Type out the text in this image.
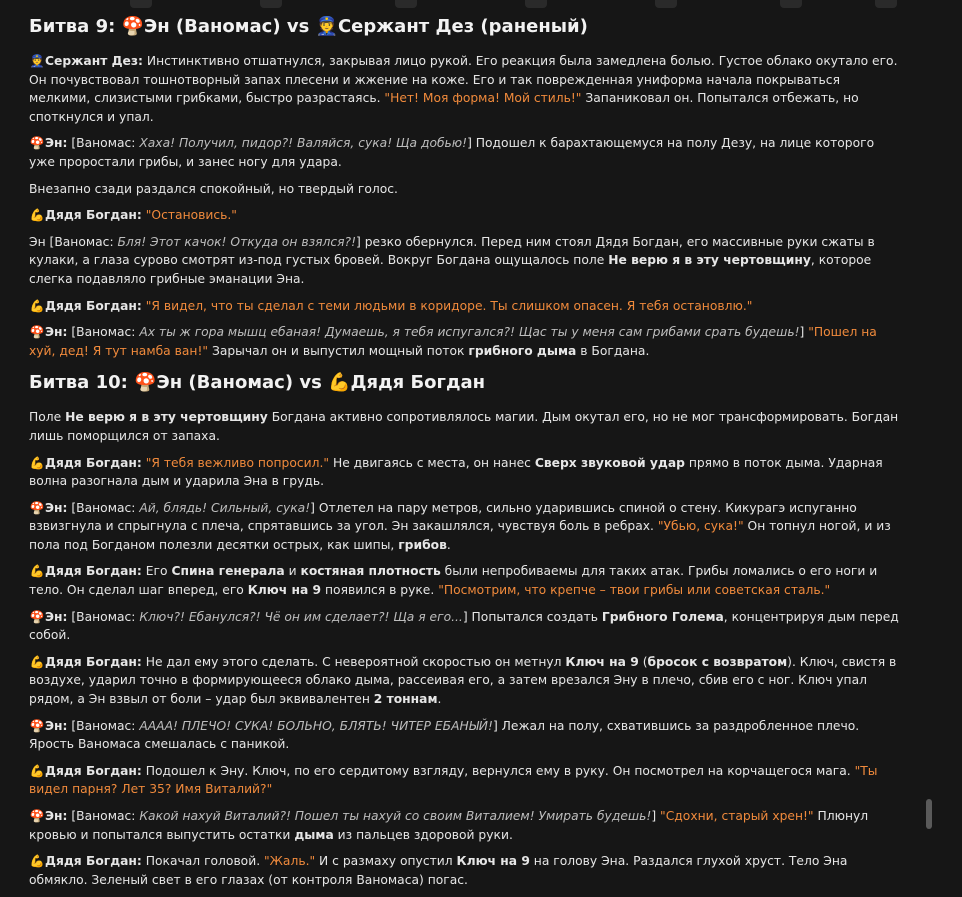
Битва 9: 🍄Эн (Ваномас) vs 👮Сержант Дез (раненый)

👮Сержант Дез: Инстинктивно отшатнулся, закрывая лицо рукой. Его реакция была замедлена болью. Густое облако окутало его. Он почувствовал тошнотворный запах плесени и жжение на коже. Его и так поврежденная униформа начала покрываться мелкими, слизистыми грибками, быстро разрастаясь. "Нет! Моя форма! Мой стиль!" Запаниковал он. Попытался отбежать, но споткнулся и упал.

🍄Эн: [Ваномас: Хаха! Получил, пидор?! Валяйся, сука! Ща добью!] Подошел к барахтающемуся на полу Дезу, на лице которого уже проростали грибы, и занес ногу для удара.

Внезапно сзади раздался спокойный, но твердый голос.

💪Дядя Богдан: "Остановись."

Эн [Ваномас: Бля! Этот качок! Откуда он взялся?!] резко обернулся. Перед ним стоял Дядя Богдан, его массивные руки сжаты в кулаки, а глаза сурово смотрят из-под густых бровей. Вокруг Богдана ощущалось поле Не верю я в эту чертовщину, которое слегка подавляло грибные эманации Эна.

💪Дядя Богдан: "Я видел, что ты сделал с теми людьми в коридоре. Ты слишком опасен. Я тебя остановлю."

🍄Эн: [Ваномас: Ах ты ж гора мышц ебаная! Думаешь, я тебя испугался?! Щас ты у меня сам грибами срать будешь!] "Пошел на хуй, дед! Я тут намба ван!" Зарычал он и выпустил мощный поток грибного дыма в Богдана.

Битва 10: 🍄Эн (Ваномас) vs 💪Дядя Богдан

Поле Не верю я в эту чертовщину Богдана активно сопротивлялось магии. Дым окутал его, но не мог трансформировать. Богдан лишь поморщился от запаха.

💪Дядя Богдан: "Я тебя вежливо попросил." Не двигаясь с места, он нанес Сверх звуковой удар прямо в поток дыма. Ударная волна разогнала дым и ударила Эна в грудь.

🍄Эн: [Ваномас: Ай, блядь! Сильный, сука!] Отлетел на пару метров, сильно ударившись спиной о стену. Кикурагэ испуганно взвизгнула и спрыгнула с плеча, спрятавшись за угол. Эн закашлялся, чувствуя боль в ребрах. "Убью, сука!" Он топнул ногой, и из пола под Богданом полезли десятки острых, как шипы, грибов.

💪Дядя Богдан: Его Спина генерала и костяная плотность были непробиваемы для таких атак. Грибы ломались о его ноги и тело. Он сделал шаг вперед, его Ключ на 9 появился в руке. "Посмотрим, что крепче – твои грибы или советская сталь."

🍄Эн: [Ваномас: Ключ?! Ебанулся?! Чё он им сделает?! Ща я его...] Попытался создать Грибного Голема, концентрируя дым перед собой.

💪Дядя Богдан: Не дал ему этого сделать. С невероятной скоростью он метнул Ключ на 9 (бросок с возвратом). Ключ, свистя в воздухе, ударил точно в формирующееся облако дыма, рассеивая его, а затем врезался Эну в плечо, сбив его с ног. Ключ упал рядом, а Эн взвыл от боли – удар был эквивалентен 2 тоннам.

🍄Эн: [Ваномас: АААА! ПЛЕЧО! СУКА! БОЛЬНО, БЛЯТЬ! ЧИТЕР ЕБАНЫЙ!] Лежал на полу, схватившись за раздробленное плечо. Ярость Ваномаса смешалась с паникой.

💪Дядя Богдан: Подошел к Эну. Ключ, по его сердитому взгляду, вернулся ему в руку. Он посмотрел на корчащегося мага. "Ты видел парня? Лет 35? Имя Виталий?"

🍄Эн: [Ваномас: Какой нахуй Виталий?! Пошел ты нахуй со своим Виталием! Умирать будешь!] "Сдохни, старый хрен!" Плюнул кровью и попытался выпустить остатки дыма из пальцев здоровой руки.

💪Дядя Богдан: Покачал головой. "Жаль." И с размаху опустил Ключ на 9 на голову Эна. Раздался глухой хруст. Тело Эна обмякло. Зеленый свет в его глазах (от контроля Ваномаса) погас.
